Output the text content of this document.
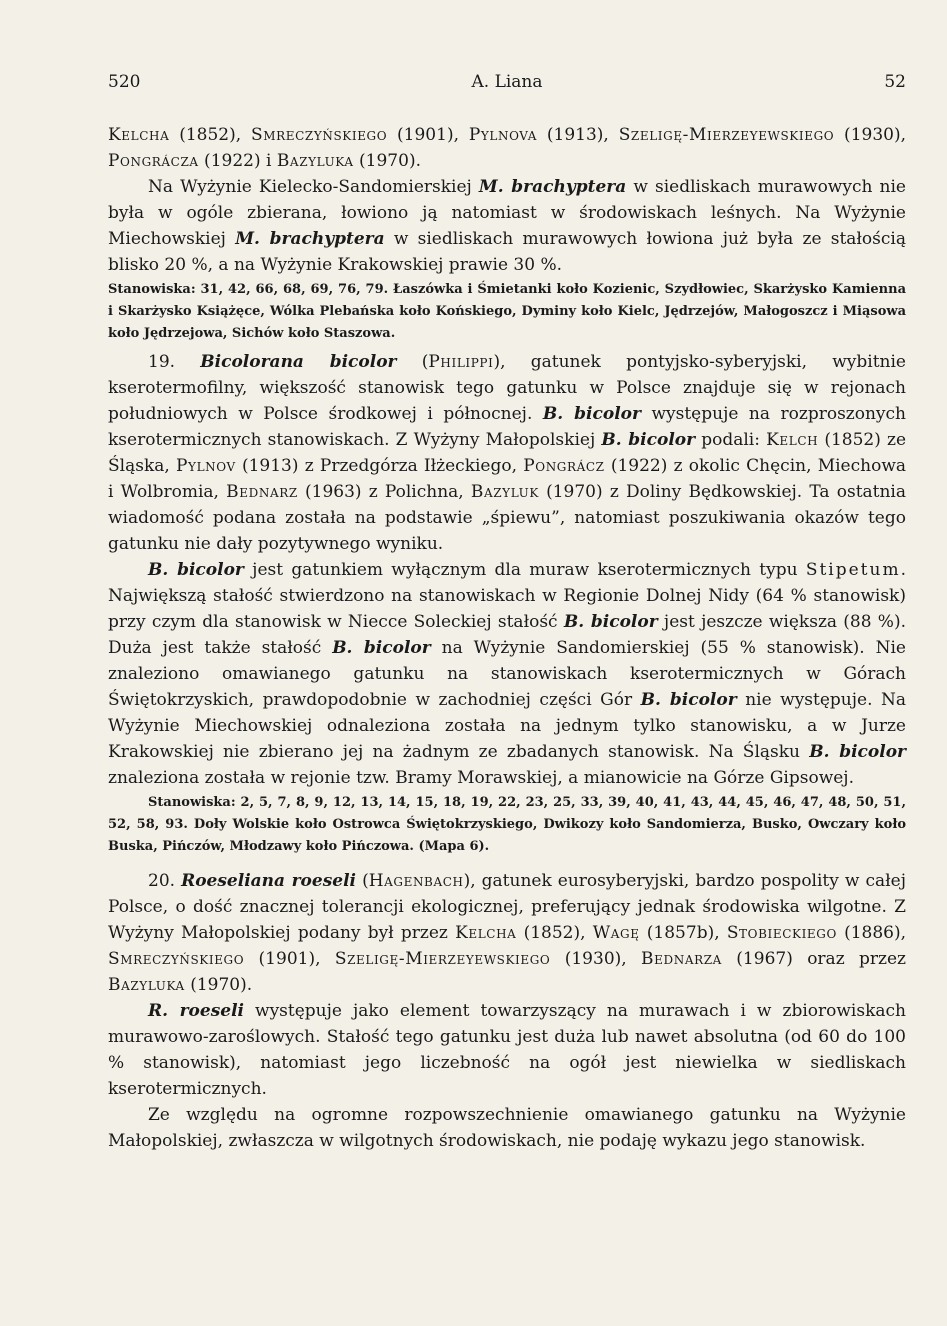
520	A. Liana	52

Kelcha (1852), Smreczyńskiego (1901), Pylnova (1913), Szeligę-Mierzeyewskiego (1930), Pongrácza (1922) i Bazyluka (1970).

Na Wyżynie Kielecko-Sandomierskiej M. brachyptera w siedliskach murawowych nie była w ogóle zbierana, łowiono ją natomiast w środowiskach leśnych. Na Wyżynie Miechowskiej M. brachyptera w siedliskach murawowych łowiona już była ze stałością blisko 20 %, a na Wyżynie Krakowskiej prawie 30 %.

Stanowiska: 31, 42, 66, 68, 69, 76, 79. Łaszówka i Śmietanki koło Kozienic, Szydłowiec, Skarżysko Kamienna i Skarżysko Książęce, Wólka Plebańska koło Końskiego, Dyminy koło Kielc, Jędrzejów, Małogoszcz i Miąsowa koło Jędrzejowa, Sichów koło Staszowa.

19. Bicolorana bicolor (Philippi), gatunek pontyjsko-syberyjski, wybitnie kserotermofilny, większość stanowisk tego gatunku w Polsce znajduje się w rejonach południowych w Polsce środkowej i północnej. B. bicolor występuje na rozproszonych kserotermicznych stanowiskach. Z Wyżyny Małopolskiej B. bicolor podali: Kelch (1852) ze Śląska, Pylnov (1913) z Przedgórza Iłżeckiego, Pongrácz (1922) z okolic Chęcin, Miechowa i Wolbromia, Bednarz (1963) z Polichna, Bazyluk (1970) z Doliny Będkowskiej. Ta ostatnia wiadomość podana została na podstawie „śpiewu”, natomiast poszukiwania okazów tego gatunku nie dały pozytywnego wyniku.

B. bicolor jest gatunkiem wyłącznym dla muraw kserotermicznych typu Stipetum. Największą stałość stwierdzono na stanowiskach w Regionie Dolnej Nidy (64 % stanowisk) przy czym dla stanowisk w Niecce Soleckiej stałość B. bicolor jest jeszcze większa (88 %). Duża jest także stałość B. bicolor na Wyżynie Sandomierskiej (55 % stanowisk). Nie znaleziono omawianego gatunku na stanowiskach kserotermicznych w Górach Świętokrzyskich, prawdopodobnie w zachodniej części Gór B. bicolor nie występuje. Na Wyżynie Miechowskiej odnaleziona została na jednym tylko stanowisku, a w Jurze Krakowskiej nie zbierano jej na żadnym ze zbadanych stanowisk. Na Śląsku B. bicolor znaleziona została w rejonie tzw. Bramy Morawskiej, a mianowicie na Górze Gipsowej.

Stanowiska: 2, 5, 7, 8, 9, 12, 13, 14, 15, 18, 19, 22, 23, 25, 33, 39, 40, 41, 43, 44, 45, 46, 47, 48, 50, 51, 52, 58, 93. Doły Wolskie koło Ostrowca Świętokrzyskiego, Dwikozy koło Sandomierza, Busko, Owczary koło Buska, Pińczów, Młodzawy koło Pińczowa. (Mapa 6).

20. Roeseliana roeseli (Hagenbach), gatunek eurosyberyjski, bardzo pospolity w całej Polsce, o dość znacznej tolerancji ekologicznej, preferujący jednak środowiska wilgotne. Z Wyżyny Małopolskiej podany był przez Kelcha (1852), Wagę (1857b), Stobieckiego (1886), Smreczyńskiego (1901), Szeligę-Mierzeyewskiego (1930), Bednarza (1967) oraz przez Bazyluka (1970).

R. roeseli występuje jako element towarzyszący na murawach i w zbiorowiskach murawowo-zaroślowych. Stałość tego gatunku jest duża lub nawet absolutna (od 60 do 100 % stanowisk), natomiast jego liczebność na ogół jest niewielka w siedliskach kserotermicznych.

Ze względu na ogromne rozpowszechnienie omawianego gatunku na Wyżynie Małopolskiej, zwłaszcza w wilgotnych środowiskach, nie podaję wykazu jego stanowisk.
